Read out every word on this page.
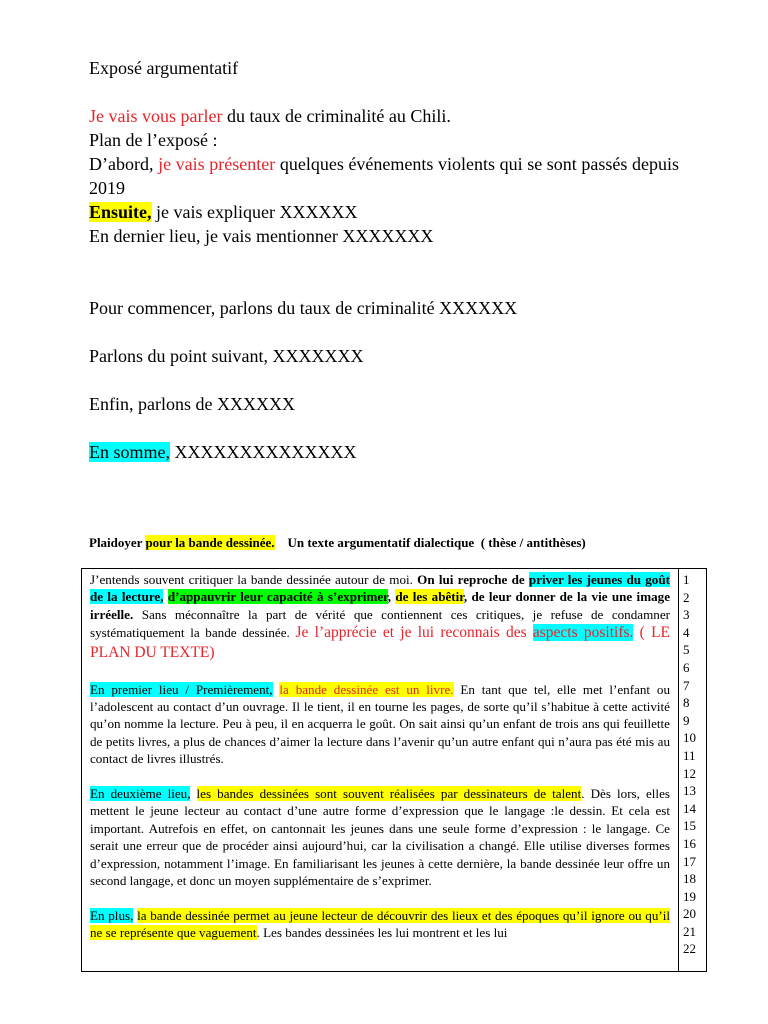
Exposé argumentatif

Je vais vous parler du taux de criminalité au Chili.

Plan de l’exposé :

D’abord, je vais présenter quelques événements violents qui se sont passés depuis 2019

Ensuite, je vais expliquer XXXXXX

En dernier lieu, je vais mentionner XXXXXXX

Pour commencer, parlons du taux de criminalité XXXXXX

Parlons du point suivant, XXXXXXX

Enfin, parlons de XXXXXX

En somme, XXXXXXXXXXXXXX

Plaidoyer pour la bande dessinée.    Un texte argumentatif dialectique  ( thèse / antithèses)

J’entends souvent critiquer la bande dessinée autour de moi. On lui reproche de priver les jeunes du goût de la lecture, d’appauvrir leur capacité à s’exprimer, de les abêtir, de leur donner de la vie une image irréelle. Sans méconnaître la part de vérité que contiennent ces critiques, je refuse de condamner systématiquement la bande dessinée. Je l’apprécie et je lui reconnais des aspects positifs. ( LE PLAN DU TEXTE)

En premier lieu / Premièrement, la bande dessinée est un livre. En tant que tel, elle met l’enfant ou l’adolescent au contact d’un ouvrage. Il le tient, il en tourne les pages, de sorte qu’il s’habitue à cette activité qu’on nomme la lecture. Peu à peu, il en acquerra le goût. On sait ainsi qu’un enfant de trois ans qui feuillette de petits livres, a plus de chances d’aimer la lecture dans l’avenir qu’un autre enfant qui n’aura pas été mis au contact de livres illustrés.

En deuxième lieu, les bandes dessinées sont souvent réalisées par dessinateurs de talent. Dès lors, elles mettent le jeune lecteur au contact d’une autre forme d’expression que le langage :le dessin. Et cela est important. Autrefois en effet, on cantonnait les jeunes dans une seule forme d’expression : le langage. Ce serait une erreur que de procéder ainsi aujourd’hui, car la civilisation a changé. Elle utilise diverses formes d’expression, notamment l’image. En familiarisant les jeunes à cette dernière, la bande dessinée leur offre un second langage, et donc un moyen supplémentaire de s’exprimer.

En plus, la bande dessinée permet au jeune lecteur de découvrir des lieux et des époques qu’il ignore ou qu’il ne se représente que vaguement. Les bandes dessinées les lui montrent et les lui

1
2
3
4
5
6
7
8
9
10
11
12
13
14
15
16
17
18
19
20
21
22
